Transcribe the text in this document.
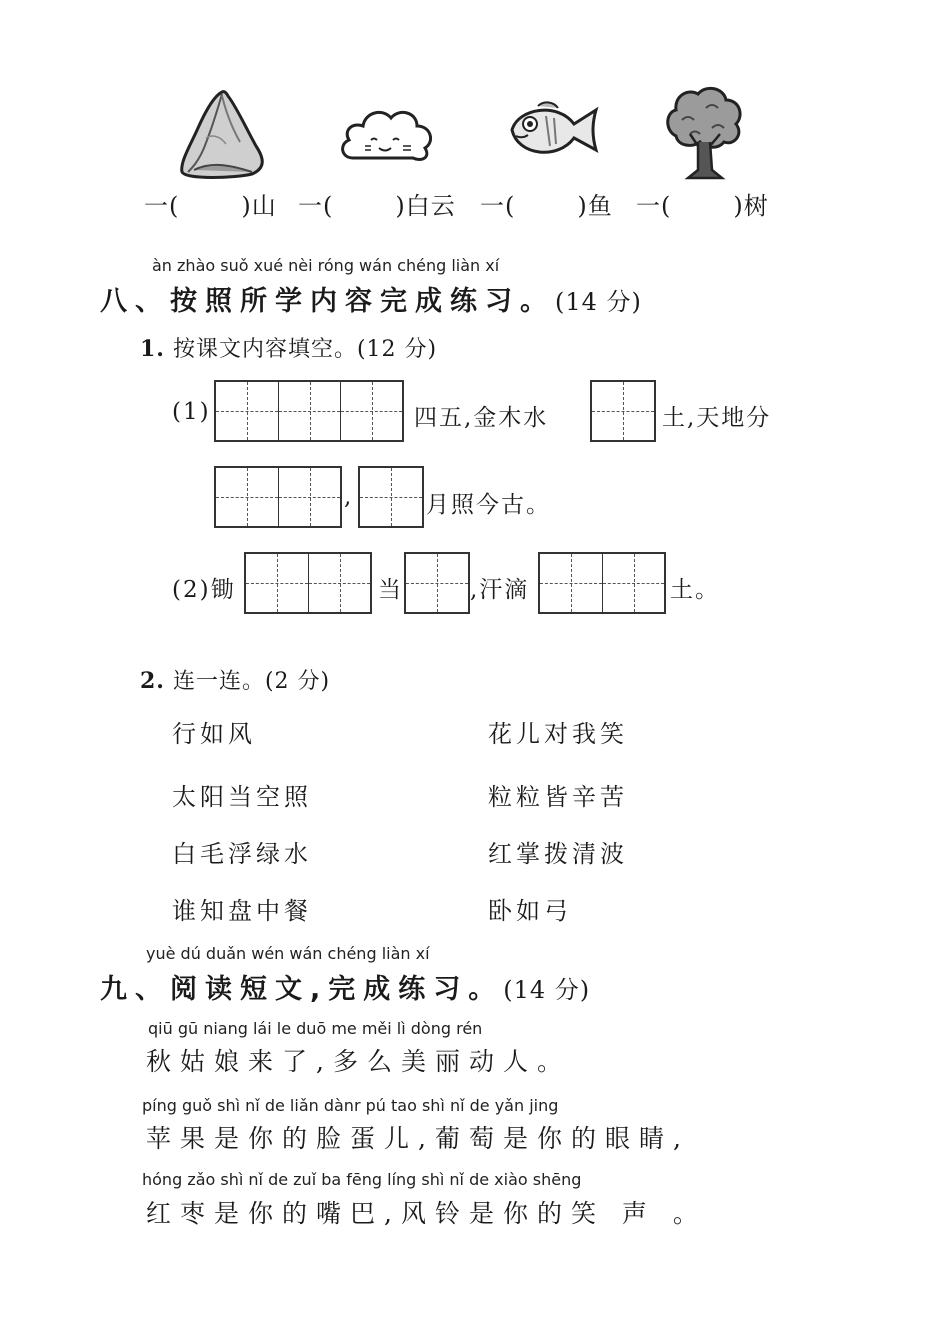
一(	)山 一(	)白云 一(	)鱼 一(	)树
àn zhào suǒ xué nèi róng wán chéng liàn xí
八、按照所学内容完成练习。(14 分)
1. 按课文内容填空。(12 分)
(1)	四五,金木水	土,天地分
,	月照今古。
(2)锄	当	,汗滴	土。
2. 连一连。(2 分)
行如风
太阳当空照
白毛浮绿水
谁知盘中餐
花儿对我笑
粒粒皆辛苦
红掌拨清波
卧如弓
yuè dú duǎn wén wán chéng liàn xí
九、阅读短文,完成练习。(14 分)
qiū gū niang lái le duō me měi lì dòng rén
秋姑娘来了,多么美丽动人。
píng guǒ shì nǐ de liǎn dànr pú tao shì nǐ de yǎn jing
苹果是你的脸蛋儿,葡萄是你的眼睛,
hóng zǎo shì nǐ de zuǐ ba fēng líng shì nǐ de xiào shēng
红枣是你的嘴巴,风铃是你的笑 声 。
